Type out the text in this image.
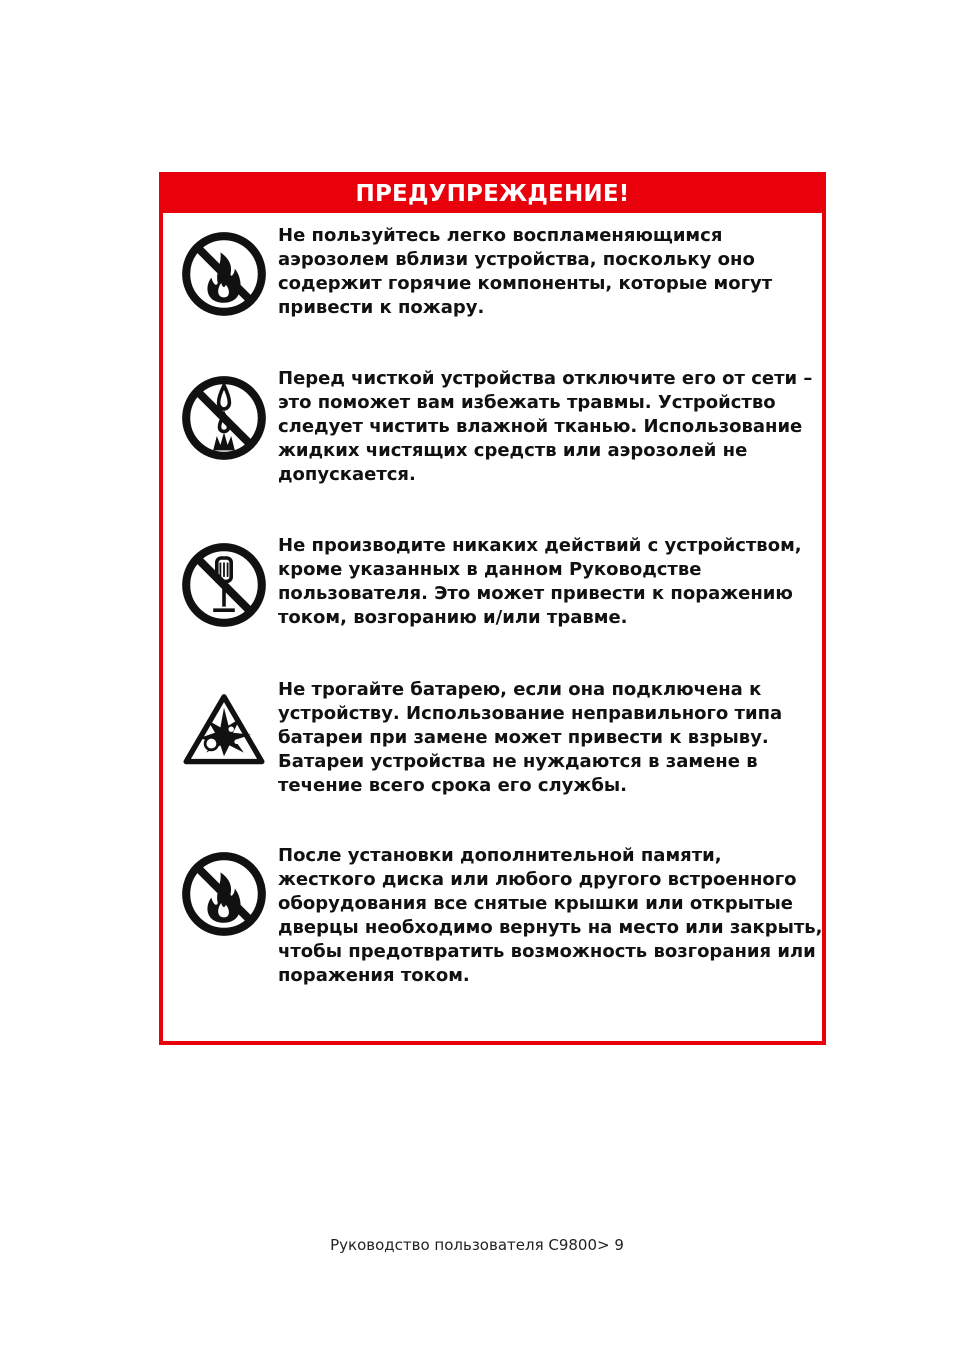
ПРЕДУПРЕЖДЕНИЕ!

Не пользуйтесь легко воспламеняющимся аэрозолем вблизи устройства, поскольку оно содержит горячие компоненты, которые могут привести к пожару.

Перед чисткой устройства отключите его от сети – это поможет вам избежать травмы. Устройство следует чистить влажной тканью. Использование жидких чистящих средств или аэрозолей не допускается.

Не производите никаких действий с устройством, кроме указанных в данном Руководстве пользователя. Это может привести к поражению током, возгоранию и/или травме.

Не трогайте батарею, если она подключена к устройству. Использование неправильного типа батареи при замене может привести к взрыву. Батареи устройства не нуждаются в замене в течение всего срока его службы.

После установки дополнительной памяти, жесткого диска или любого другого встроенного оборудования все снятые крышки или открытые дверцы необходимо вернуть на место или закрыть, чтобы предотвратить возможность возгорания или поражения током.

Руководство пользователя C9800> 9
